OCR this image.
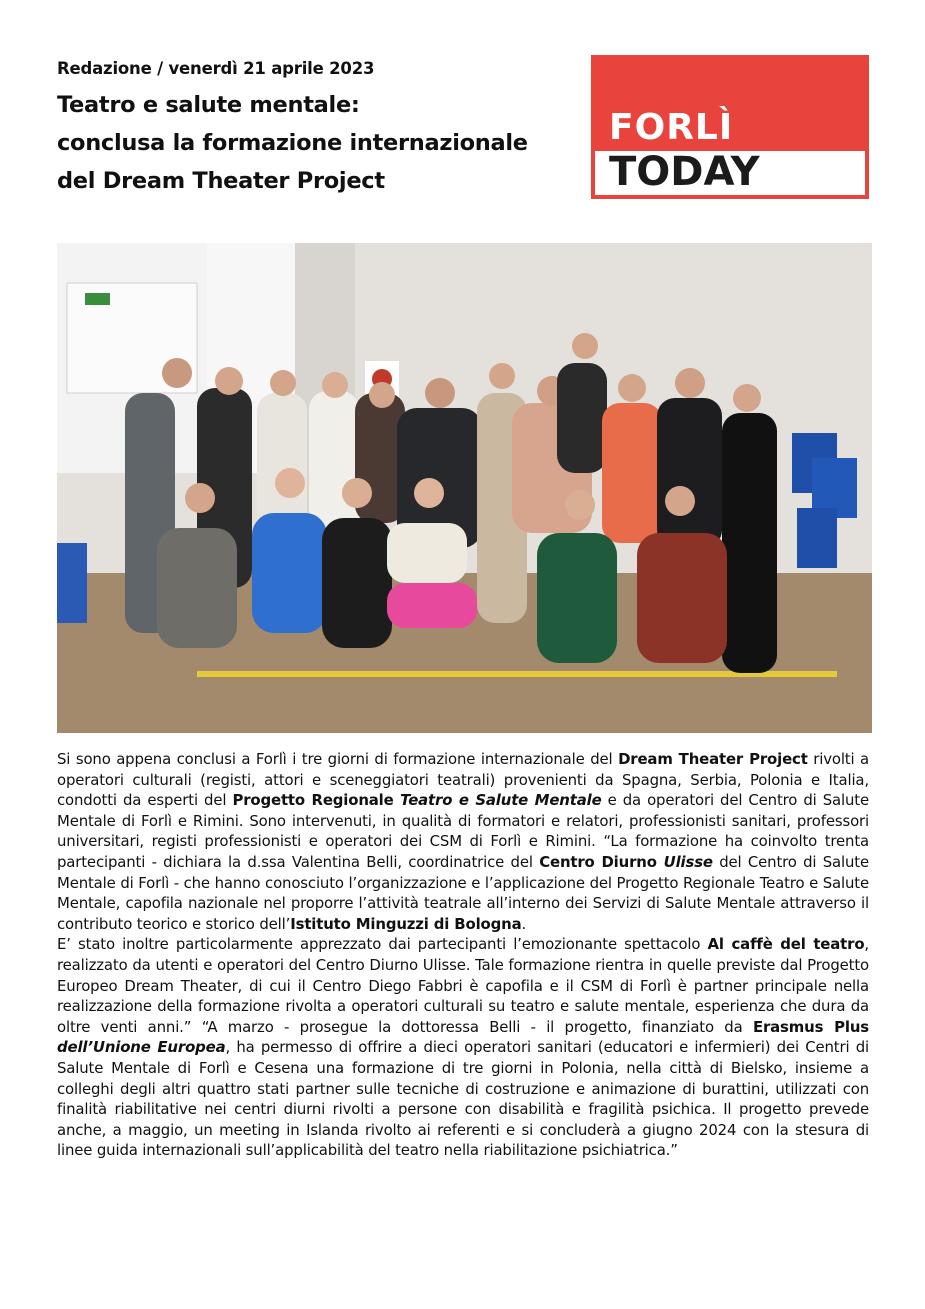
Redazione / venerdì 21 aprile 2023
Teatro e salute mentale:
conclusa la formazione internazionale
del Dream Theater Project
FORLÌ
TODAY

Si sono appena conclusi a Forlì i tre giorni di formazione internazionale del Dream Theater Project rivolti a operatori culturali (registi, attori e sceneggiatori teatrali) provenienti da Spagna, Serbia, Polonia e Italia, condotti da esperti del Progetto Regionale Teatro e Salute Mentale e da operatori del Centro di Salute Mentale di Forlì e Rimini. Sono intervenuti, in qualità di formatori e relatori, professionisti sanitari, professori universitari, registi professionisti e operatori dei CSM di Forlì e Rimini. “La formazione ha coinvolto trenta partecipanti - dichiara la d.ssa Valentina Belli, coordinatrice del Centro Diurno Ulisse del Centro di Salute Mentale di Forlì - che hanno conosciuto l’organizzazione e l’applicazione del Progetto Regionale Teatro e Salute Mentale, capofila nazionale nel proporre l’attività teatrale all’interno dei Servizi di Salute Mentale attraverso il contributo teorico e storico dell’Istituto Minguzzi di Bologna.

E’ stato inoltre particolarmente apprezzato dai partecipanti l’emozionante spettacolo Al caffè del teatro, realizzato da utenti e operatori del Centro Diurno Ulisse. Tale formazione rientra in quelle previste dal Progetto Europeo Dream Theater, di cui il Centro Diego Fabbri è capofila e il CSM di Forlì è partner principale nella realizzazione della formazione rivolta a operatori culturali su teatro e salute mentale, esperienza che dura da oltre venti anni.” “A marzo - prosegue la dottoressa Belli - il progetto, finanziato da Erasmus Plus dell’Unione Europea, ha permesso di offrire a dieci operatori sanitari (educatori e infermieri) dei Centri di Salute Mentale di Forlì e Cesena una formazione di tre giorni in Polonia, nella città di Bielsko, insieme a colleghi degli altri quattro stati partner sulle tecniche di costruzione e animazione di burattini, utilizzati con finalità riabilitative nei centri diurni rivolti a persone con disabilità e fragilità psichica. Il progetto prevede anche, a maggio, un meeting in Islanda rivolto ai referenti e si concluderà a giugno 2024 con la stesura di linee guida internazionali sull’applicabilità del teatro nella riabilitazione psichiatrica.”
